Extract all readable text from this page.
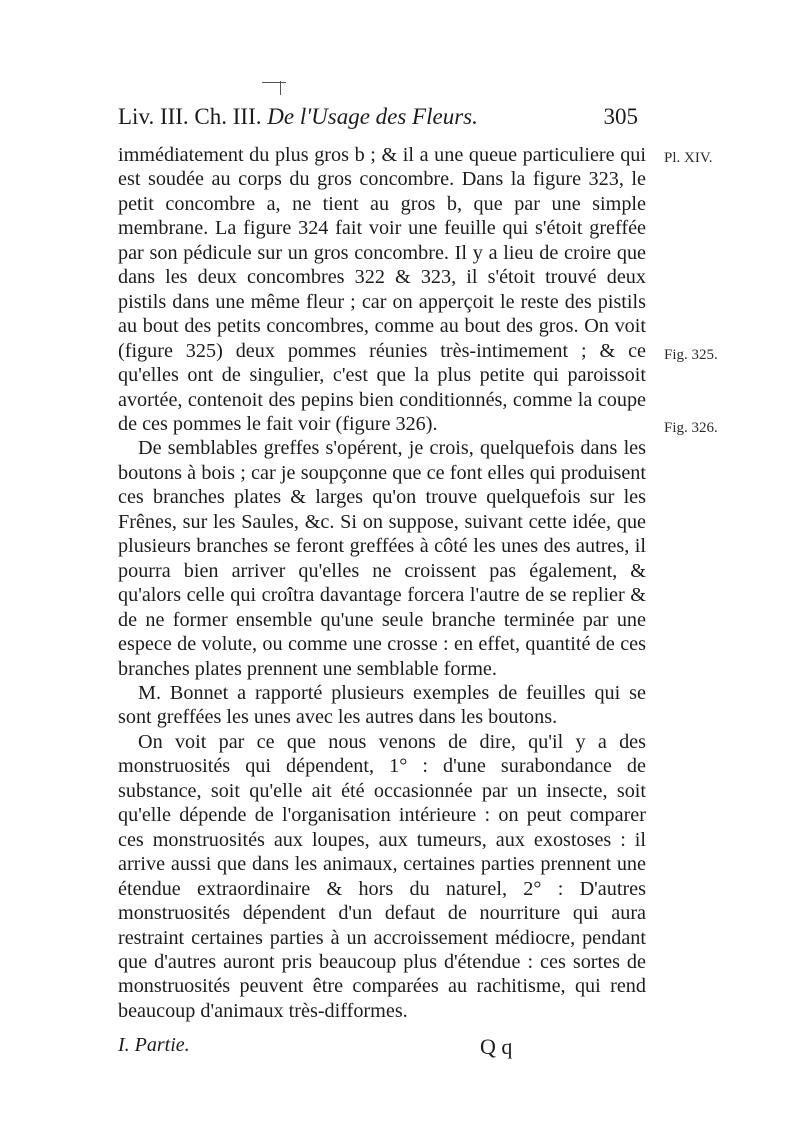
Liv. III. Ch. III. De l'Usage des Fleurs.	305
Pl. XIV.
Fig. 325.
Fig. 326.

immédiatement du plus gros b ; & il a une queue particuliere qui est soudée au corps du gros concombre. Dans la figure 323, le petit concombre a, ne tient au gros b, que par une simple membrane. La figure 324 fait voir une feuille qui s'étoit greffée par son pédicule sur un gros concombre. Il y a lieu de croire que dans les deux concombres 322 & 323, il s'étoit trouvé deux pistils dans une même fleur ; car on apperçoit le reste des pistils au bout des petits concombres, comme au bout des gros. On voit (figure 325) deux pommes réunies très-intimement ; & ce qu'elles ont de singulier, c'est que la plus petite qui paroissoit avortée, contenoit des pepins bien conditionnés, comme la coupe de ces pommes le fait voir (figure 326).

De semblables greffes s'opérent, je crois, quelquefois dans les boutons à bois ; car je soupçonne que ce font elles qui produisent ces branches plates & larges qu'on trouve quelquefois sur les Frênes, sur les Saules, &c. Si on suppose, suivant cette idée, que plusieurs branches se feront greffées à côté les unes des autres, il pourra bien arriver qu'elles ne croissent pas également, & qu'alors celle qui croîtra davantage forcera l'autre de se replier & de ne former ensemble qu'une seule branche terminée par une espece de volute, ou comme une crosse : en effet, quantité de ces branches plates prennent une semblable forme.

M. Bonnet a rapporté plusieurs exemples de feuilles qui se sont greffées les unes avec les autres dans les boutons.

On voit par ce que nous venons de dire, qu'il y a des monstruosités qui dépendent, 1° : d'une surabondance de substance, soit qu'elle ait été occasionnée par un insecte, soit qu'elle dépende de l'organisation intérieure : on peut comparer ces monstruosités aux loupes, aux tumeurs, aux exostoses : il arrive aussi que dans les animaux, certaines parties prennent une étendue extraordinaire & hors du naturel, 2° : D'autres monstruosités dépendent d'un defaut de nourriture qui aura restraint certaines parties à un accroissement médiocre, pendant que d'autres auront pris beaucoup plus d'étendue : ces sortes de monstruosités peuvent être comparées au rachitisme, qui rend beaucoup d'animaux très-difformes.

I. Partie.	Q q
